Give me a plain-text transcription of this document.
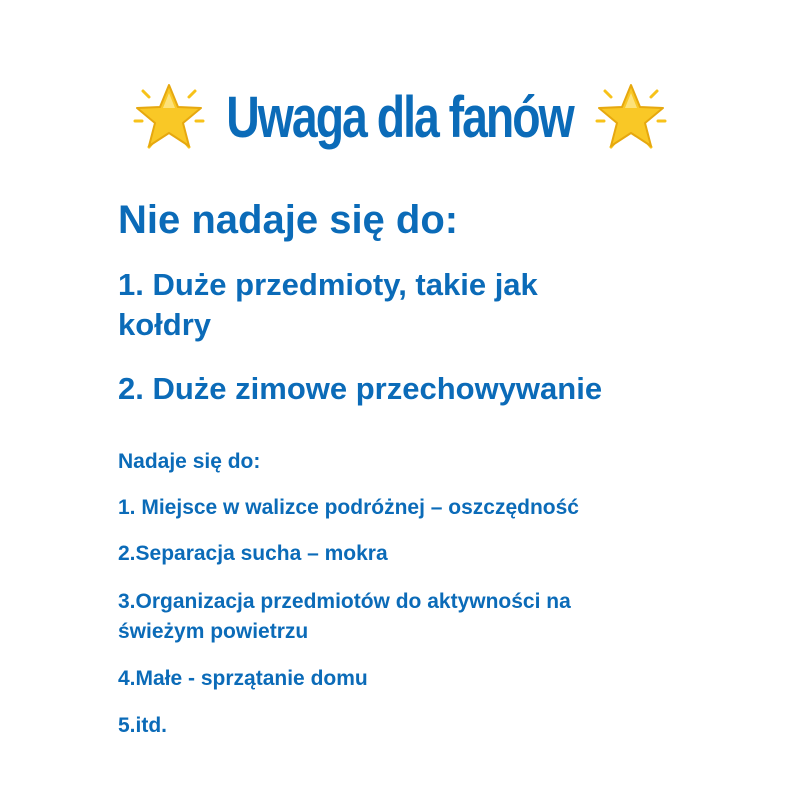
Uwaga dla fanów

Nie nadaje się do:

1. Duże przedmioty, takie jak

kołdry

2. Duże zimowe przechowywanie

Nadaje się do:

1. Miejsce w walizce podróżnej – oszczędność

2.Separacja sucha – mokra

3.Organizacja przedmiotów do aktywności na

świeżym powietrzu

4.Małe - sprzątanie domu

5.itd.
